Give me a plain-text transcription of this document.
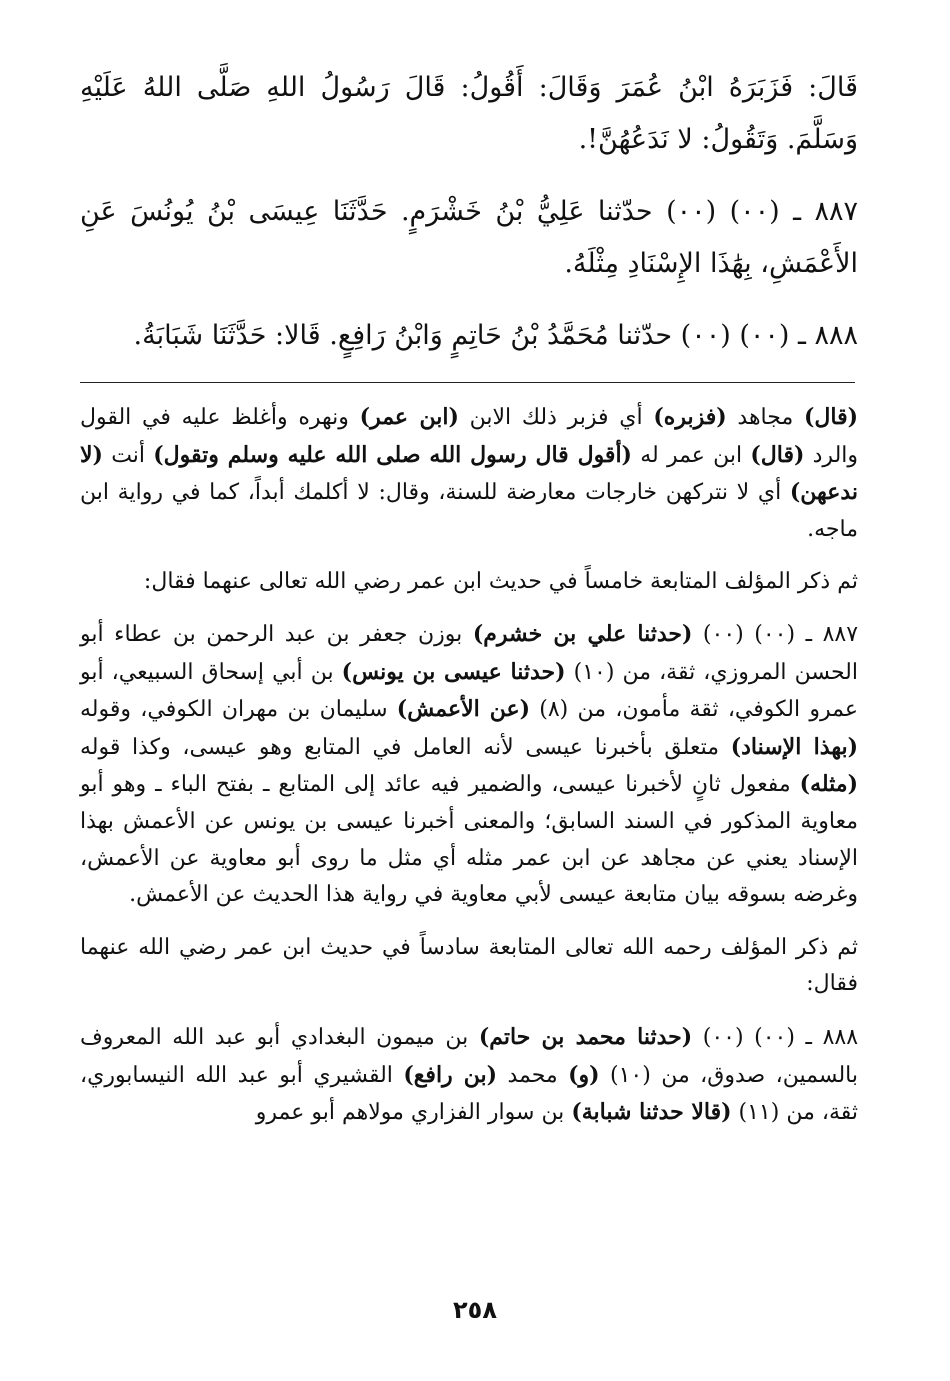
قَالَ: فَزَبَرَهُ ابْنُ عُمَرَ وَقَالَ: أَقُولُ: قَالَ رَسُولُ اللهِ صَلَّى اللهُ عَلَيْهِ وَسَلَّمَ. وَتَقُولُ: لا نَدَعُهُنَّ!.

٨٨٧ ـ (٠٠) (٠٠) حدّثنا عَلِيُّ بْنُ خَشْرَمٍ. حَدَّثَنَا عِيسَى بْنُ يُونُسَ عَنِ الأَعْمَشِ، بِهَٰذَا الإِسْنَادِ مِثْلَهُ.

٨٨٨ ـ (٠٠) (٠٠) حدّثنا مُحَمَّدُ بْنُ حَاتِمٍ وَابْنُ رَافِعٍ. قَالا: حَدَّثَنَا شَبَابَةُ.

(قال) مجاهد (فزبره) أي فزبر ذلك الابن (ابن عمر) ونهره وأغلظ عليه في القول والرد (قال) ابن عمر له (أقول قال رسول الله صلى الله عليه وسلم وتقول) أنت (لا ندعهن) أي لا نتركهن خارجات معارضة للسنة، وقال: لا أكلمك أبداً، كما في رواية ابن ماجه.

ثم ذكر المؤلف المتابعة خامساً في حديث ابن عمر رضي الله تعالى عنهما فقال:

٨٨٧ ـ (٠٠) (٠٠) (حدثنا علي بن خشرم) بوزن جعفر بن عبد الرحمن بن عطاء أبو الحسن المروزي، ثقة، من (١٠) (حدثنا عيسى بن يونس) بن أبي إسحاق السبيعي، أبو عمرو الكوفي، ثقة مأمون، من (٨) (عن الأعمش) سليمان بن مهران الكوفي، وقوله (بهذا الإسناد) متعلق بأخبرنا عيسى لأنه العامل في المتابع وهو عيسى، وكذا قوله (مثله) مفعول ثانٍ لأخبرنا عيسى، والضمير فيه عائد إلى المتابع ـ بفتح الباء ـ وهو أبو معاوية المذكور في السند السابق؛ والمعنى أخبرنا عيسى بن يونس عن الأعمش بهذا الإسناد يعني عن مجاهد عن ابن عمر مثله أي مثل ما روى أبو معاوية عن الأعمش، وغرضه بسوقه بيان متابعة عيسى لأبي معاوية في رواية هذا الحديث عن الأعمش.

ثم ذكر المؤلف رحمه الله تعالى المتابعة سادساً في حديث ابن عمر رضي الله عنهما فقال:

٨٨٨ ـ (٠٠) (٠٠) (حدثنا محمد بن حاتم) بن ميمون البغدادي أبو عبد الله المعروف بالسمين، صدوق، من (١٠) (و) محمد (بن رافع) القشيري أبو عبد الله النيسابوري، ثقة، من (١١) (قالا حدثنا شبابة) بن سوار الفزاري مولاهم أبو عمرو

٢٥٨
